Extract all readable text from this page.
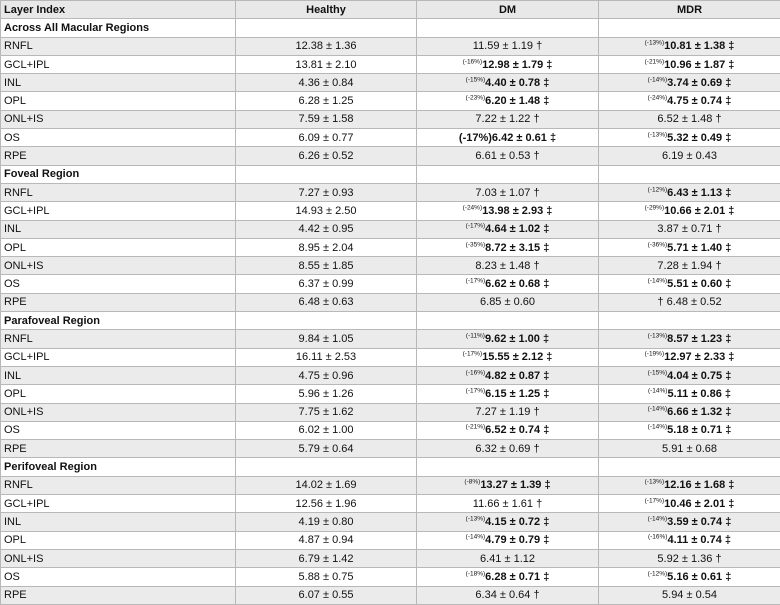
Layer Index	Healthy	DM	MDR
Across All Macular Regions			
RNFL	12.38 ± 1.36	11.59 ± 1.19 †	$^{(-13\%)}$10.81 ± 1.38 ‡
GCL+IPL	13.81 ± 2.10	$^{(-16\%)}$12.98 ± 1.79 ‡	$^{(-21\%)}$10.96 ± 1.87 ‡
INL	4.36 ± 0.84	$^{(-15\%)}$4.40 ± 0.78 ‡	$^{(-14\%)}$3.74 ± 0.69 ‡
OPL	6.28 ± 1.25	$^{(-23\%)}$6.20 ± 1.48 ‡	$^{(-24\%)}$4.75 ± 0.74 ‡
ONL+IS	7.59 ± 1.58	7.22 ± 1.22 †	6.52 ± 1.48 †
OS	6.09 ± 0.77	(-17%)6.42 ± 0.61 ‡	$^{(-13\%)}$5.32 ± 0.49 ‡
RPE	6.26 ± 0.52	6.61 ± 0.53 †	6.19 ± 0.43
Foveal Region			
RNFL	7.27 ± 0.93	7.03 ± 1.07 †	$^{(-12\%)}$6.43 ± 1.13 ‡
GCL+IPL	14.93 ± 2.50	$^{(-24\%)}$13.98 ± 2.93 ‡	$^{(-29\%)}$10.66 ± 2.01 ‡
INL	4.42 ± 0.95	$^{(-17\%)}$4.64 ± 1.02 ‡	3.87 ± 0.71 †
OPL	8.95 ± 2.04	$^{(-35\%)}$8.72 ± 3.15 ‡	$^{(-36\%)}$5.71 ± 1.40 ‡
ONL+IS	8.55 ± 1.85	8.23 ± 1.48 †	7.28 ± 1.94 †
OS	6.37 ± 0.99	$^{(-17\%)}$6.62 ± 0.68 ‡	$^{(-14\%)}$5.51 ± 0.60 ‡
RPE	6.48 ± 0.63	6.85 ± 0.60	† 6.48 ± 0.52
Parafoveal Region			
RNFL	9.84 ± 1.05	$^{(-11\%)}$9.62 ± 1.00 ‡	$^{(-13\%)}$8.57 ± 1.23 ‡
GCL+IPL	16.11 ± 2.53	$^{(-17\%)}$15.55 ± 2.12 ‡	$^{(-19\%)}$12.97 ± 2.33 ‡
INL	4.75 ± 0.96	$^{(-16\%)}$4.82 ± 0.87 ‡	$^{(-15\%)}$4.04 ± 0.75 ‡
OPL	5.96 ± 1.26	$^{(-17\%)}$6.15 ± 1.25 ‡	$^{(-14\%)}$5.11 ± 0.86 ‡
ONL+IS	7.75 ± 1.62	7.27 ± 1.19 †	$^{(-14\%)}$6.66 ± 1.32 ‡
OS	6.02 ± 1.00	$^{(-21\%)}$6.52 ± 0.74 ‡	$^{(-14\%)}$5.18 ± 0.71 ‡
RPE	5.79 ± 0.64	6.32 ± 0.69 †	5.91 ± 0.68
Perifoveal Region			
RNFL	14.02 ± 1.69	$^{(-8\%)}$13.27 ± 1.39 ‡	$^{(-13\%)}$12.16 ± 1.68 ‡
GCL+IPL	12.56 ± 1.96	11.66 ± 1.61 †	$^{(-17\%)}$10.46 ± 2.01 ‡
INL	4.19 ± 0.80	$^{(-13\%)}$4.15 ± 0.72 ‡	$^{(-14\%)}$3.59 ± 0.74 ‡
OPL	4.87 ± 0.94	$^{(-14\%)}$4.79 ± 0.79 ‡	$^{(-16\%)}$4.11 ± 0.74 ‡
ONL+IS	6.79 ± 1.42	6.41 ± 1.12	5.92 ± 1.36 †
OS	5.88 ± 0.75	$^{(-18\%)}$6.28 ± 0.71 ‡	$^{(-12\%)}$5.16 ± 0.61 ‡
RPE	6.07 ± 0.55	6.34 ± 0.64 †	5.94 ± 0.54
